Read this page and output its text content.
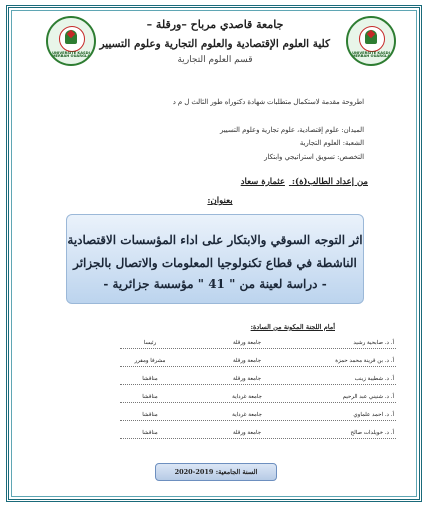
UNIVERSITE KASDI MERBAH OUARGLA
UNIVERSITE KASDI MERBAH OUARGLA
جامعة قاصدي مرباح –ورقلة –
كلية العلوم الإقتصادية والعلوم التجارية وعلوم التسيير
قسم العلوم التجارية
اطروحة مقدمة لاستكمال متطلبات شهادة دكتوراه طور الثالث ل م د
الميدان: علوم إقتصادية، علوم تجارية وعلوم التسيير
الشعبة: العلوم التجارية
التخصص: تسويق استراتيجي وابتكار
من إعداد الطالب(ة): عثمارة سعاد
بعنوان:
اثر التوجه السوقي والابتكار على اداء المؤسسات الاقتصادية
الناشطة في قطاع تكنولوجيا المعلومات والاتصال بالجزائر
- دراسة لعينة من " 41 " مؤسسة جزائرية -
أمام اللجنة المكونة من السادة:
أ. د. صابحية رشيد
جامعة ورقلة
رئيسا
أ. د. بن قرينة محمد حمزة
جامعة ورقلة
مشرفا ومقرر
أ. د. شطيبة زينب
جامعة ورقلة
مناقشا
أ. د. شنيني عبد الرحيم
جامعة غرداية
مناقشا
أ. د. احمد علماوي
جامعة غرداية
مناقشا
أ. د. خويلدات صالح
جامعة ورقلة
مناقشا
السنة الجامعية: 2019-2020
